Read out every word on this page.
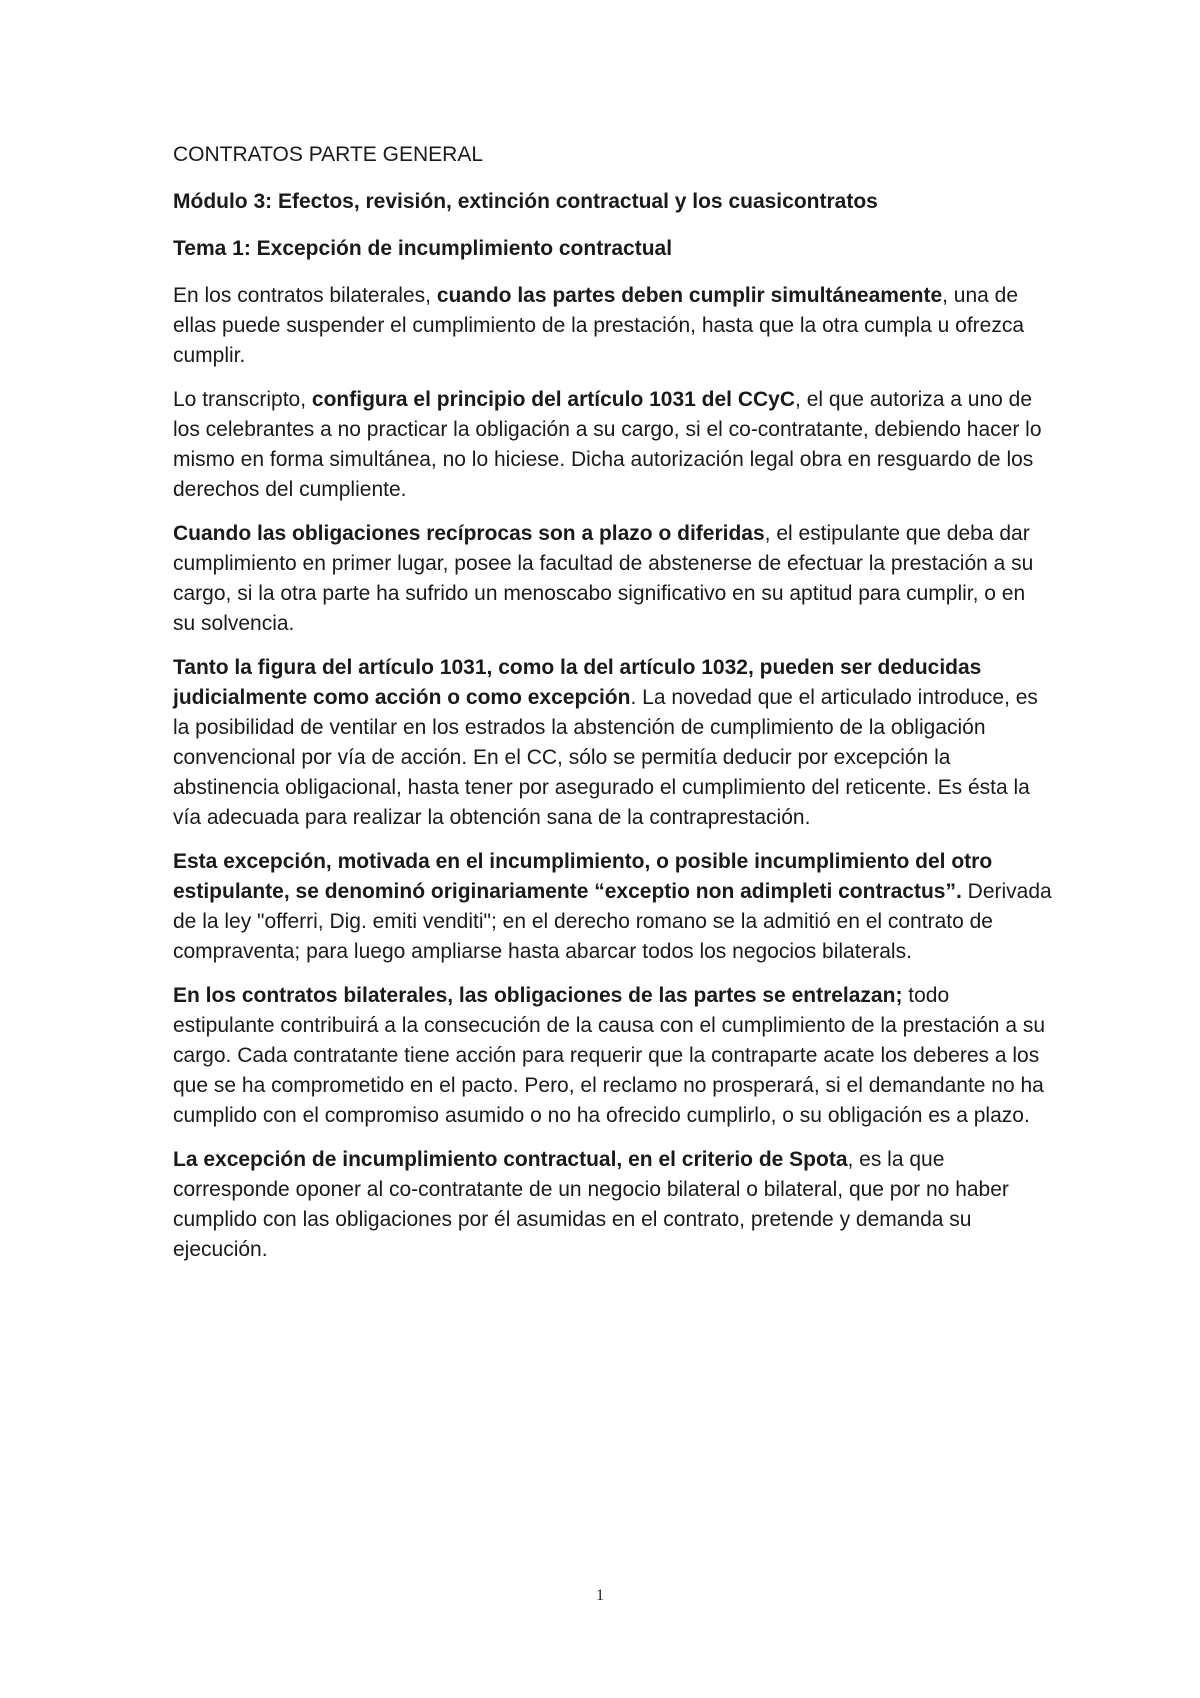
CONTRATOS PARTE GENERAL
Módulo 3: Efectos, revisión, extinción contractual y los cuasicontratos
Tema 1: Excepción de incumplimiento contractual

En los contratos bilaterales, cuando las partes deben cumplir simultáneamente, una de ellas puede suspender el cumplimiento de la prestación, hasta que la otra cumpla u ofrezca cumplir.

Lo transcripto, configura el principio del artículo 1031 del CCyC, el que autoriza a uno de los celebrantes a no practicar la obligación a su cargo, si el co-contratante, debiendo hacer lo mismo en forma simultánea, no lo hiciese. Dicha autorización legal obra en resguardo de los derechos del cumpliente.

Cuando las obligaciones recíprocas son a plazo o diferidas, el estipulante que deba dar cumplimiento en primer lugar, posee la facultad de abstenerse de efectuar la prestación a su cargo, si la otra parte ha sufrido un menoscabo significativo en su aptitud para cumplir, o en su solvencia.

Tanto la figura del artículo 1031, como la del artículo 1032, pueden ser deducidas judicialmente como acción o como excepción. La novedad que el articulado introduce, es la posibilidad de ventilar en los estrados la abstención de cumplimiento de la obligación convencional por vía de acción. En el CC, sólo se permitía deducir por excepción la abstinencia obligacional, hasta tener por asegurado el cumplimiento del reticente. Es ésta la vía adecuada para realizar la obtención sana de la contraprestación.

Esta excepción, motivada en el incumplimiento, o posible incumplimiento del otro estipulante, se denominó originariamente “exceptio non adimpleti contractus”. Derivada de la ley "offerri, Dig. emiti venditi"; en el derecho romano se la admitió en el contrato de compraventa; para luego ampliarse hasta abarcar todos los negocios bilaterals.

En los contratos bilaterales, las obligaciones de las partes se entrelazan; todo estipulante contribuirá a la consecución de la causa con el cumplimiento de la prestación a su cargo. Cada contratante tiene acción para requerir que la contraparte acate los deberes a los que se ha comprometido en el pacto. Pero, el reclamo no prosperará, si el demandante no ha cumplido con el compromiso asumido o no ha ofrecido cumplirlo, o su obligación es a plazo.

La excepción de incumplimiento contractual, en el criterio de Spota, es la que corresponde oponer al co-contratante de un negocio bilateral o bilateral, que por no haber cumplido con las obligaciones por él asumidas en el contrato, pretende y demanda su ejecución.

1
